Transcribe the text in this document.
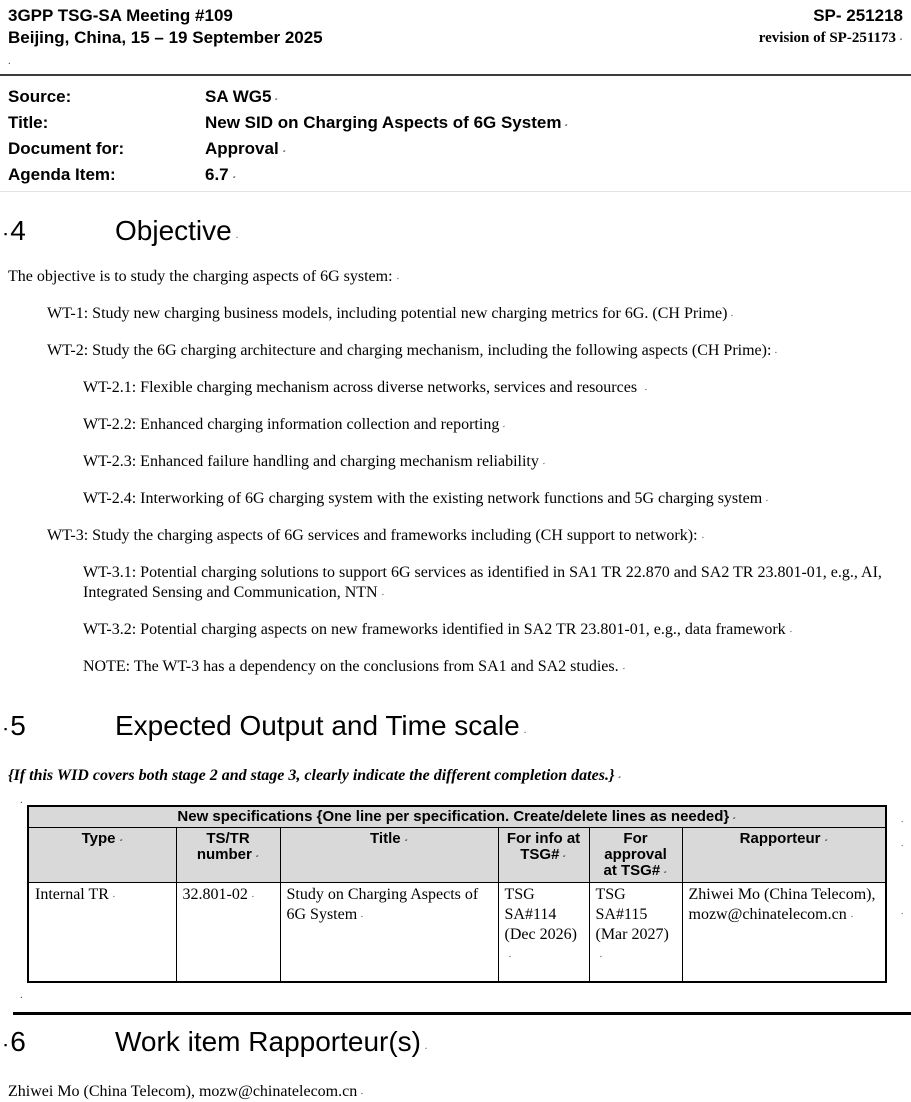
3GPP TSG-SA Meeting #109
Beijing, China, 15 – 19 September 2025
SP- 251218
revision of SP-251173 .
.
Source:	SA WG5 .
Title:	New SID on Charging Aspects of 6G System .
Document for:	Approval .
Agenda Item:	6.7 .
▪ 4	Objective .

The objective is to study the charging aspects of 6G system: .

WT-1: Study new charging business models, including potential new charging metrics for 6G. (CH Prime) .

WT-2: Study the 6G charging architecture and charging mechanism, including the following aspects (CH Prime): .

WT-2.1: Flexible charging mechanism across diverse networks, services and resources .

WT-2.2: Enhanced charging information collection and reporting .

WT-2.3: Enhanced failure handling and charging mechanism reliability .

WT-2.4: Interworking of 6G charging system with the existing network functions and 5G charging system .

WT-3: Study the charging aspects of 6G services and frameworks including (CH support to network): .

WT-3.1: Potential charging solutions to support 6G services as identified in SA1 TR 22.870 and SA2 TR 23.801-01, e.g., AI, Integrated Sensing and Communication, NTN .

WT-3.2: Potential charging aspects on new frameworks identified in SA2 TR 23.801-01, e.g., data framework .

NOTE: The WT-3 has a dependency on the conclusions from SA1 and SA2 studies. .

▪ 5	Expected Output and Time scale .

{If this WID covers both stage 2 and stage 3, clearly indicate the different completion dates.} .

.
New specifications {One line per specification. Create/delete lines as needed} .					
Type .	TS/TR number .	Title .	For info at TSG# .	For approval at TSG# .	Rapporteur .
Internal TR .	32.801-02 .	Study on Charging Aspects of 6G System .	TSG SA#114 (Dec 2026).	TSG SA#115 (Mar 2027).	Zhiwei Mo (China Telecom), mozw@chinatelecom.cn .
.
.
.
.
▪ 6	Work item Rapporteur(s) .

Zhiwei Mo (China Telecom), mozw@chinatelecom.cn .
